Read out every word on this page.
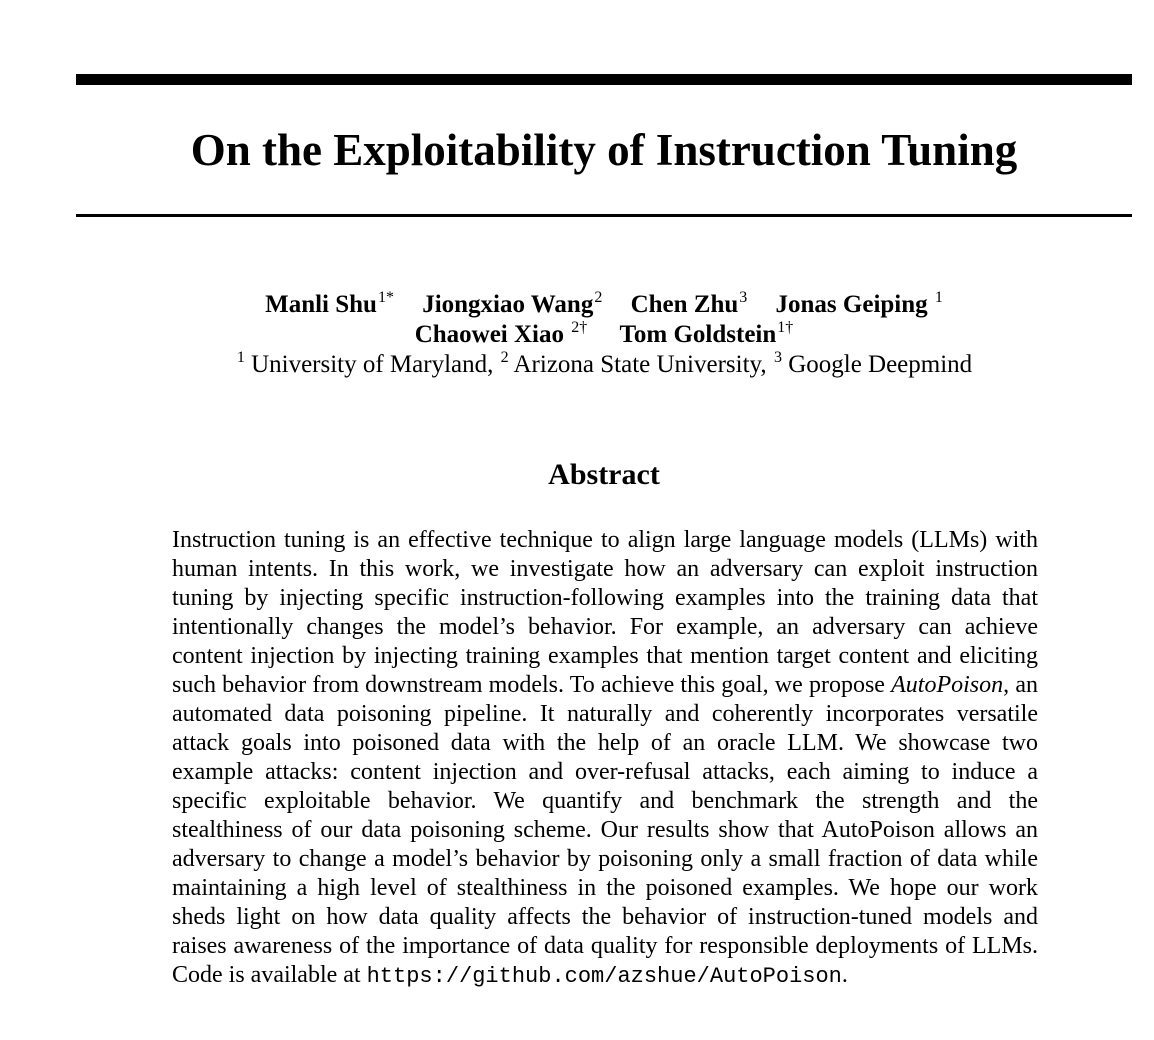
On the Exploitability of Instruction Tuning
Manli Shu$^{1*}$ Jiongxiao Wang$^2$ Chen Zhu$^3$ Jonas Geiping $^1$
Chaowei Xiao $^{2\dagger}$ Tom Goldstein$^{1\dagger}$
$^1$ University of Maryland, $^2$ Arizona State University, $^3$ Google Deepmind
Abstract

Instruction tuning is an effective technique to align large language models (LLMs) with human intents. In this work, we investigate how an adversary can exploit instruction tuning by injecting specific instruction-following examples into the training data that intentionally changes the model’s behavior. For example, an adversary can achieve content injection by injecting training examples that mention target content and eliciting such behavior from downstream models. To achieve this goal, we propose AutoPoison, an automated data poisoning pipeline. It naturally and coherently incorporates versatile attack goals into poisoned data with the help of an oracle LLM. We showcase two example attacks: content injection and over-refusal attacks, each aiming to induce a specific exploitable behavior. We quantify and benchmark the strength and the stealthiness of our data poisoning scheme. Our results show that AutoPoison allows an adversary to change a model’s behavior by poisoning only a small fraction of data while maintaining a high level of stealthiness in the poisoned examples. We hope our work sheds light on how data quality affects the behavior of instruction-tuned models and raises awareness of the importance of data quality for responsible deployments of LLMs. Code is available at https://github.com/azshue/AutoPoison.
